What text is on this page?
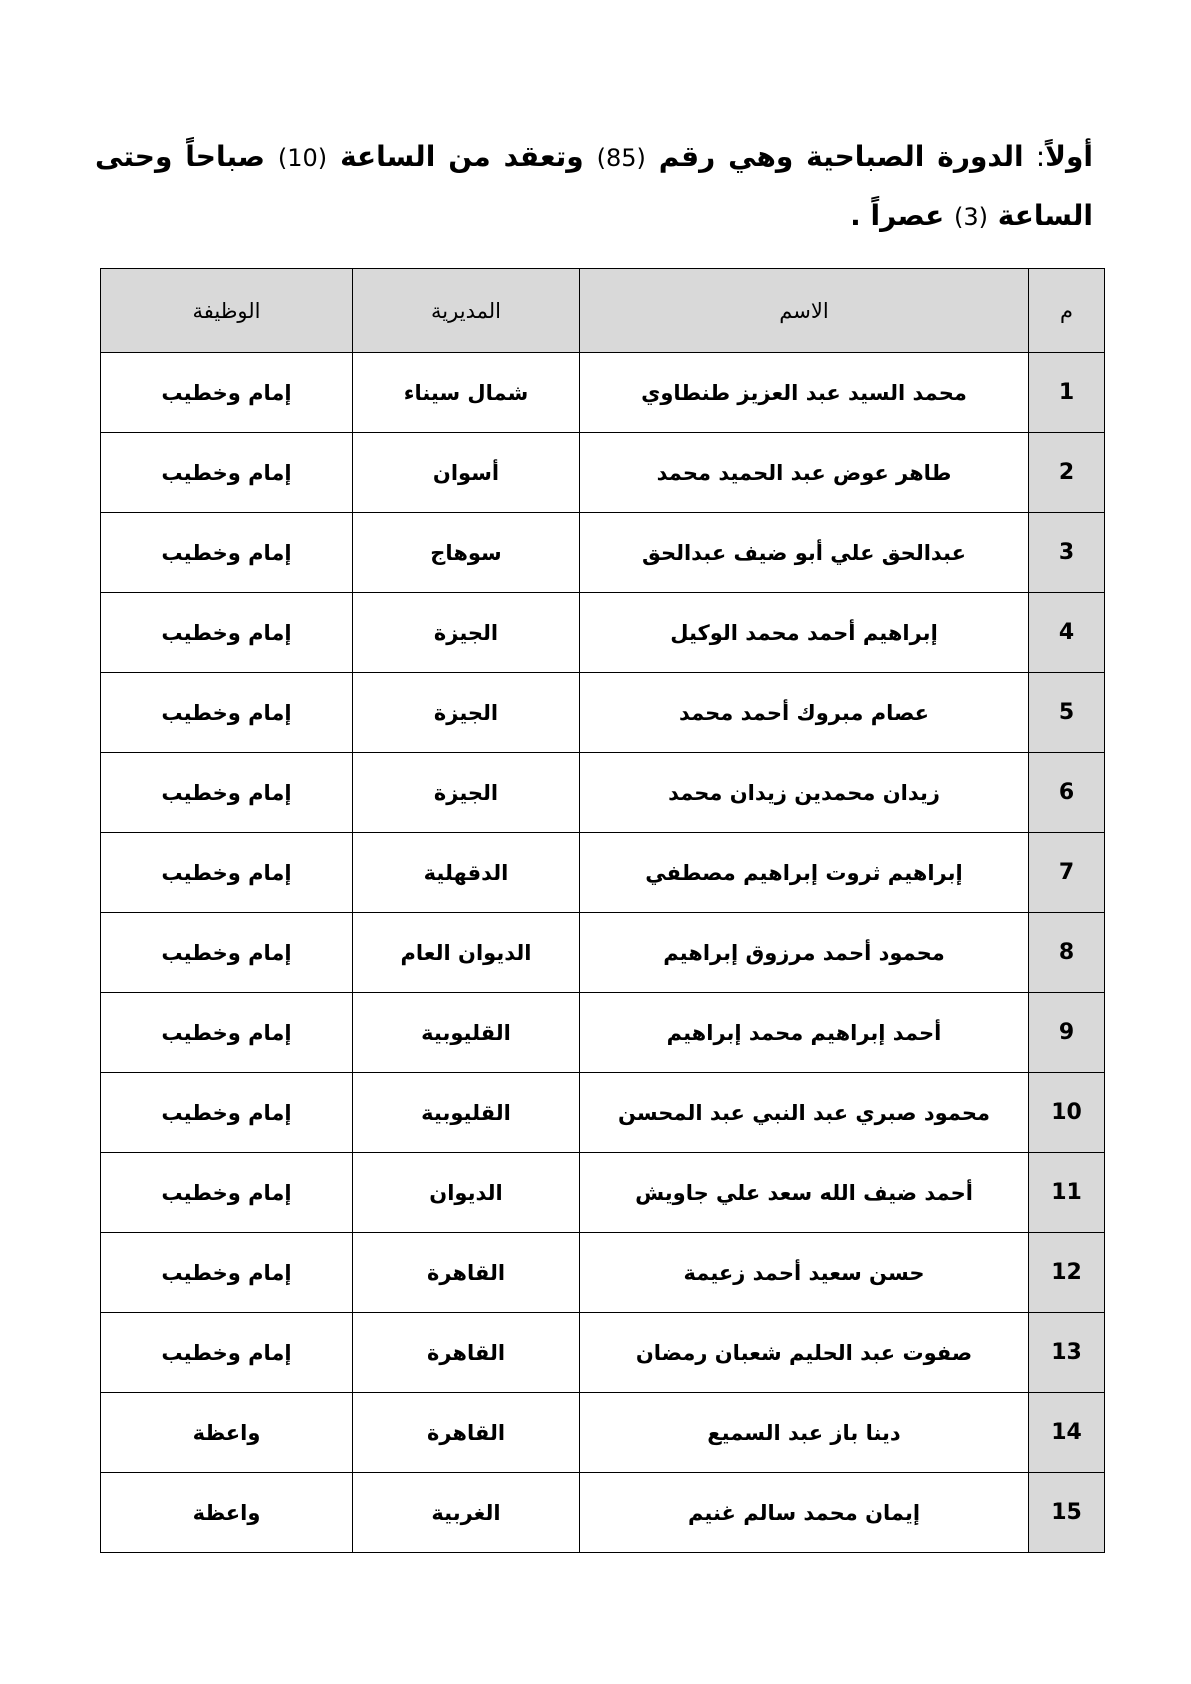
أولاً: الدورة الصباحية وهي رقم (85) وتعقد من الساعة (10) صباحاً وحتى الساعة (3) عصراً .
م	الاسم	المديرية	الوظيفة
1	محمد السيد عبد العزيز طنطاوي	شمال سيناء	إمام وخطيب
2	طاهر عوض عبد الحميد محمد	أسوان	إمام وخطيب
3	عبدالحق علي أبو ضيف عبدالحق	سوهاج	إمام وخطيب
4	إبراهيم أحمد محمد الوكيل	الجيزة	إمام وخطيب
5	عصام مبروك أحمد محمد	الجيزة	إمام وخطيب
6	زيدان محمدين زيدان محمد	الجيزة	إمام وخطيب
7	إبراهيم ثروت إبراهيم مصطفي	الدقهلية	إمام وخطيب
8	محمود أحمد مرزوق إبراهيم	الديوان العام	إمام وخطيب
9	أحمد إبراهيم محمد إبراهيم	القليوبية	إمام وخطيب
10	محمود صبري عبد النبي عبد المحسن	القليوبية	إمام وخطيب
11	أحمد ضيف الله سعد علي جاويش	الديوان	إمام وخطيب
12	حسن سعيد أحمد زعيمة	القاهرة	إمام وخطيب
13	صفوت عبد الحليم شعبان رمضان	القاهرة	إمام وخطيب
14	دينا باز عبد السميع	القاهرة	واعظة
15	إيمان محمد سالم غنيم	الغربية	واعظة
